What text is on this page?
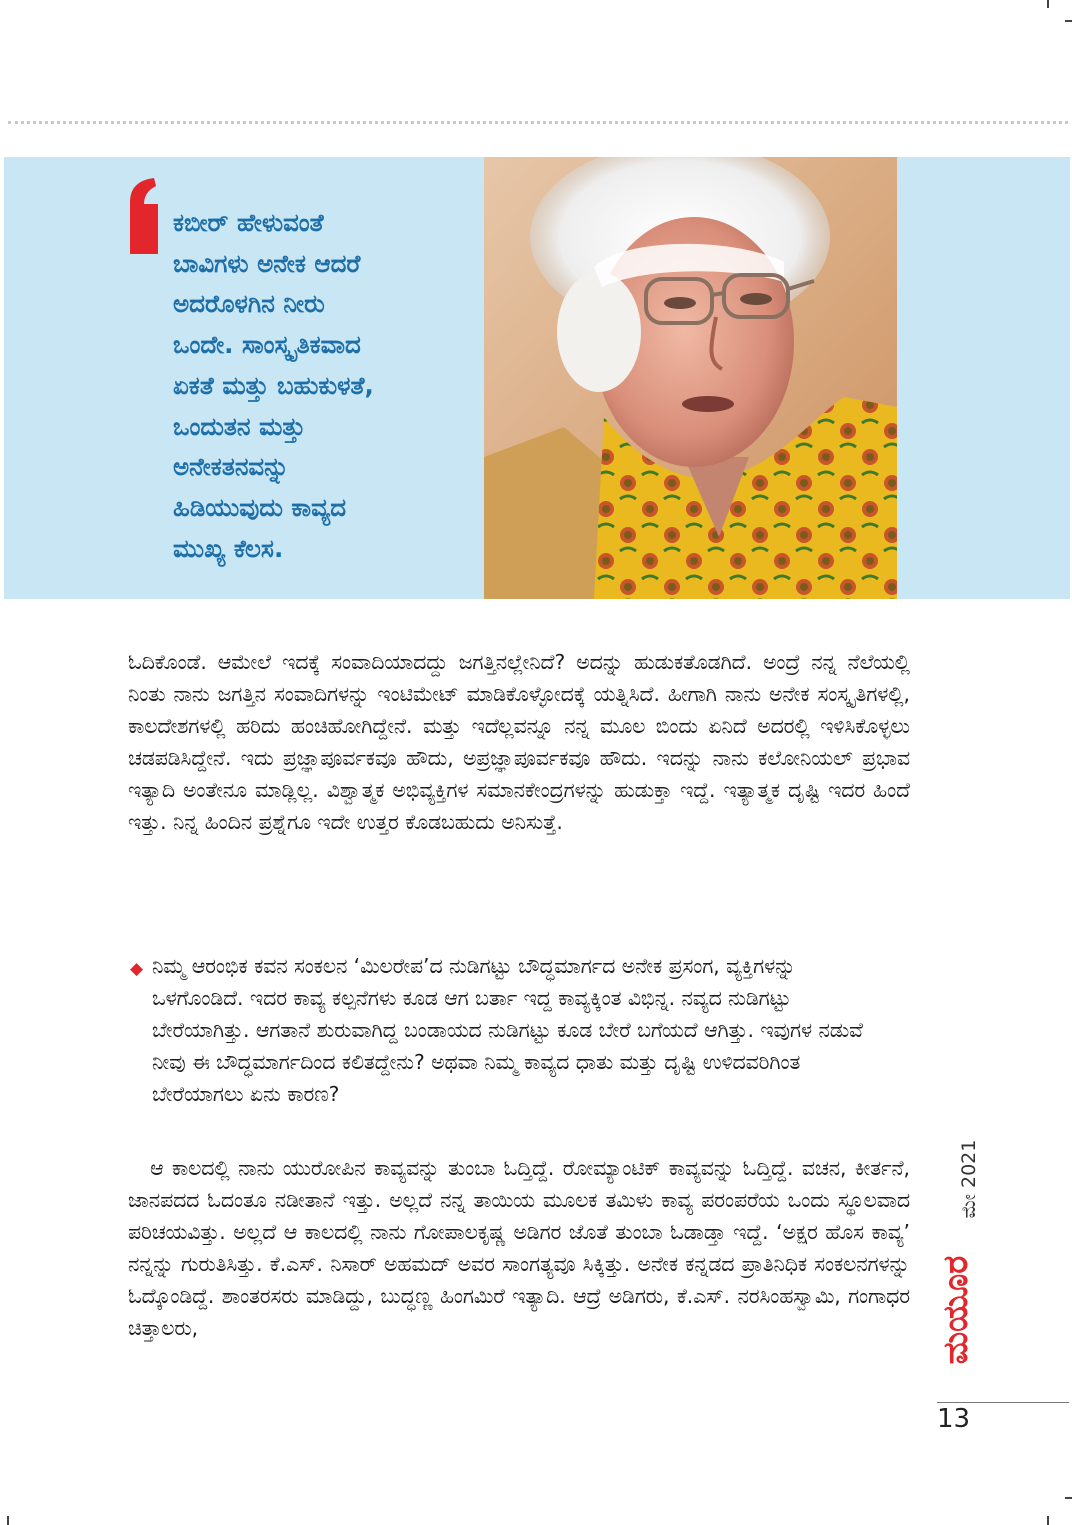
ಕಬೀರ್ ಹೇಳುವಂತೆ
ಬಾವಿಗಳು ಅನೇಕ ಆದರೆ
ಅದರೊಳಗಿನ ನೀರು
ಒಂದೇ. ಸಾಂಸ್ಕೃತಿಕವಾದ
ಏಕತೆ ಮತ್ತು ಬಹುಕುಳತೆ,
ಒಂದುತನ ಮತ್ತು
ಅನೇಕತನವನ್ನು
ಹಿಡಿಯುವುದು ಕಾವ್ಯದ
ಮುಖ್ಯ ಕೆಲಸ.

ಓದಿಕೊಂಡೆ. ಆಮೇಲೆ ಇದಕ್ಕೆ ಸಂವಾದಿಯಾದದ್ದು ಜಗತ್ತಿನಲ್ಲೇನಿದೆ? ಅದನ್ನು ಹುಡುಕತೊಡಗಿದೆ. ಅಂದ್ರೆ ನನ್ನ ನೆಲೆಯಲ್ಲಿ ನಿಂತು ನಾನು ಜಗತ್ತಿನ ಸಂವಾದಿಗಳನ್ನು ಇಂಟಿಮೇಟ್ ಮಾಡಿಕೊಳ್ಳೋದಕ್ಕೆ ಯತ್ನಿಸಿದೆ. ಹೀಗಾಗಿ ನಾನು ಅನೇಕ ಸಂಸ್ಕೃತಿಗಳಲ್ಲಿ, ಕಾಲದೇಶಗಳಲ್ಲಿ ಹರಿದು ಹಂಚಿಹೋಗಿದ್ದೇನೆ. ಮತ್ತು ಇದೆಲ್ಲವನ್ನೂ ನನ್ನ ಮೂಲ ಬಿಂದು ಏನಿದೆ ಅದರಲ್ಲಿ ಇಳಿಸಿಕೊಳ್ಳಲು ಚಡಪಡಿಸಿದ್ದೇನೆ. ಇದು ಪ್ರಜ್ಞಾಪೂರ್ವಕವೂ ಹೌದು, ಅಪ್ರಜ್ಞಾಪೂರ್ವಕವೂ ಹೌದು. ಇದನ್ನು ನಾನು ಕಲೋನಿಯಲ್ ಪ್ರಭಾವ ಇತ್ಯಾದಿ ಅಂತೇನೂ ಮಾಡ್ಲಿಲ್ಲ. ವಿಶ್ವಾತ್ಮಕ ಅಭಿವ್ಯಕ್ತಿಗಳ ಸಮಾನಕೇಂದ್ರಗಳನ್ನು ಹುಡುಕ್ತಾ ಇದ್ದೆ. ಇತ್ಯಾತ್ಮಕ ದೃಷ್ಟಿ ಇದರ ಹಿಂದೆ ಇತ್ತು. ನಿನ್ನ ಹಿಂದಿನ ಪ್ರಶ್ನೆಗೂ ಇದೇ ಉತ್ತರ ಕೊಡಬಹುದು ಅನಿಸುತ್ತೆ.

◆ ನಿಮ್ಮ ಆರಂಭಿಕ ಕವನ ಸಂಕಲನ ‘ಮಿಲರೇಪ’ದ ನುಡಿಗಟ್ಟು ಬೌದ್ಧಮಾರ್ಗದ ಅನೇಕ ಪ್ರಸಂಗ, ವ್ಯಕ್ತಿಗಳನ್ನು ಒಳಗೊಂಡಿದೆ. ಇದರ ಕಾವ್ಯ ಕಲ್ಪನೆಗಳು ಕೂಡ ಆಗ ಬರ್ತಾ ಇದ್ದ ಕಾವ್ಯಕ್ಕಿಂತ ವಿಭಿನ್ನ. ನವ್ಯದ ನುಡಿಗಟ್ಟು ಬೇರೆಯಾಗಿತ್ತು. ಆಗತಾನೆ ಶುರುವಾಗಿದ್ದ ಬಂಡಾಯದ ನುಡಿಗಟ್ಟು ಕೂಡ ಬೇರೆ ಬಗೆಯದೆ ಆಗಿತ್ತು. ಇವುಗಳ ನಡುವೆ ನೀವು ಈ ಬೌದ್ಧಮಾರ್ಗದಿಂದ ಕಲಿತದ್ದೇನು? ಅಥವಾ ನಿಮ್ಮ ಕಾವ್ಯದ ಧಾತು ಮತ್ತು ದೃಷ್ಟಿ ಉಳಿದವರಿಗಿಂತ ಬೇರೆಯಾಗಲು ಏನು ಕಾರಣ?

ಆ ಕಾಲದಲ್ಲಿ ನಾನು ಯುರೋಪಿನ ಕಾವ್ಯವನ್ನು ತುಂಬಾ ಓದ್ತಿದ್ದೆ. ರೋಮ್ಯಾಂಟಿಕ್ ಕಾವ್ಯವನ್ನು ಓದ್ತಿದ್ದೆ. ವಚನ, ಕೀರ್ತನೆ, ಜಾನಪದದ ಓದಂತೂ ನಡೀತಾನೆ ಇತ್ತು. ಅಲ್ಲದೆ ನನ್ನ ತಾಯಿಯ ಮೂಲಕ ತಮಿಳು ಕಾವ್ಯ ಪರಂಪರೆಯ ಒಂದು ಸ್ಥೂಲವಾದ ಪರಿಚಯವಿತ್ತು. ಅಲ್ಲದೆ ಆ ಕಾಲದಲ್ಲಿ ನಾನು ಗೋಪಾಲಕೃಷ್ಣ ಅಡಿಗರ ಜೊತೆ ತುಂಬಾ ಓಡಾಡ್ತಾ ಇದ್ದೆ. ‘ಅಕ್ಷರ ಹೊಸ ಕಾವ್ಯ’ ನನ್ನನ್ನು ಗುರುತಿಸಿತ್ತು. ಕೆ.ಎಸ್. ನಿಸಾರ್ ಅಹಮದ್ ಅವರ ಸಾಂಗತ್ಯವೂ ಸಿಕ್ಕಿತ್ತು. ಅನೇಕ ಕನ್ನಡದ ಪ್ರಾತಿನಿಧಿಕ ಸಂಕಲನಗಳನ್ನು ಓದ್ಕೊಂಡಿದ್ದೆ. ಶಾಂತರಸರು ಮಾಡಿದ್ದು, ಬುದ್ಧಣ್ಣ ಹಿಂಗಮಿರೆ ಇತ್ಯಾದಿ. ಆದ್ರೆ ಅಡಿಗರು, ಕೆ.ಎಸ್. ನರಸಿಂಹಸ್ವಾಮಿ, ಗಂಗಾಧರ ಚಿತ್ತಾಲರು,

ಮೇ 2021
ಮಯೂರ
13
